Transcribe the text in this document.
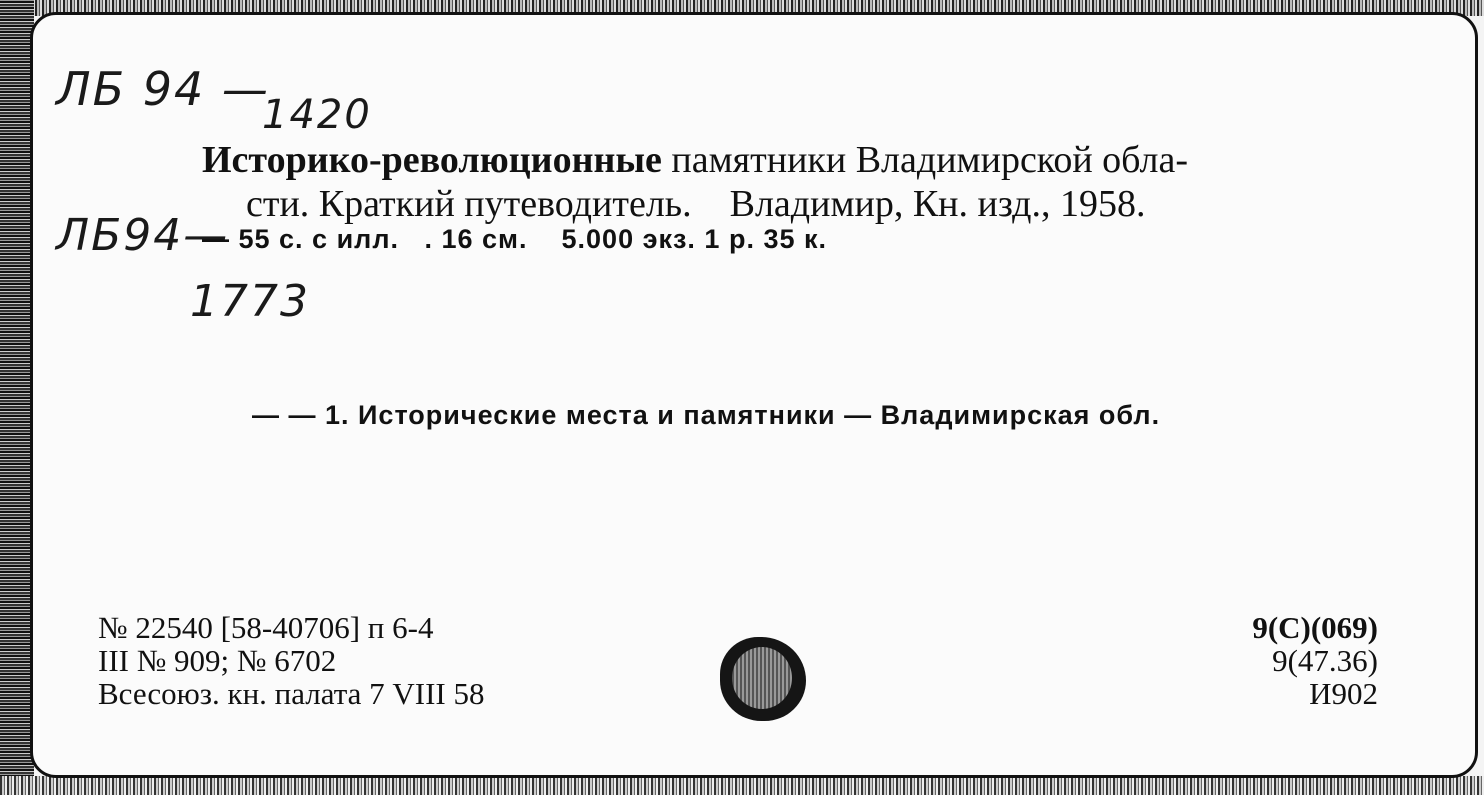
ЛБ 94 —
1420
ЛБ94—
1773
Историко-революционные памятники Владимирской обла-
сти. Краткий путеводитель.    Владимир, Кн. изд., 1958.
— 55 с. с илл.   . 16 см.    5.000 экз. 1 р. 35 к.
— — 1. Исторические места и памятники — Владимирская обл.
№ 22540 [58-40706] п 6-4
III № 909; № 6702
Всесоюз. кн. палата 7 VIII 58
9(С)(069)
9(47.36)
И902
